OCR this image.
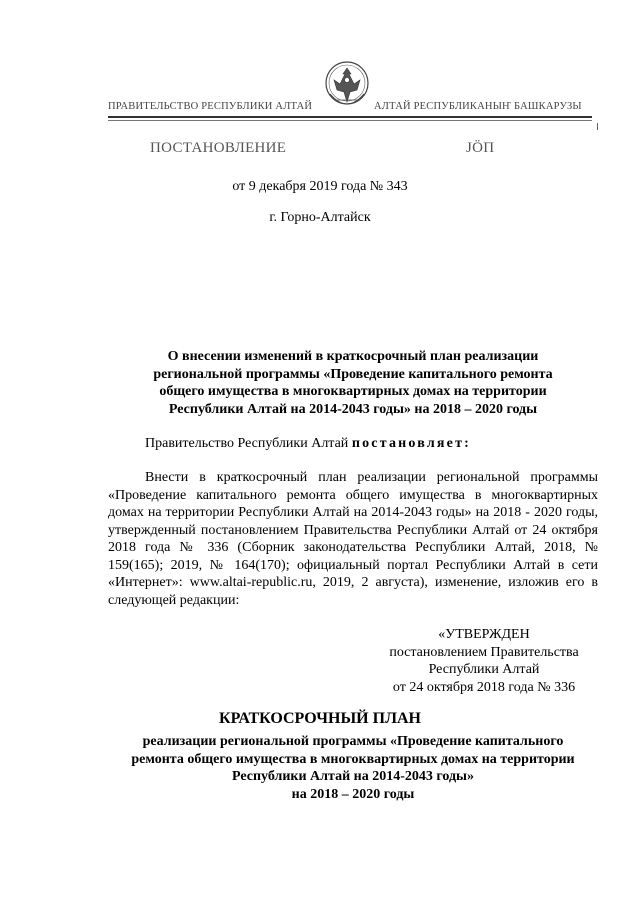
ПРАВИТЕЛЬСТВО РЕСПУБЛИКИ АЛТАЙ	АЛТАЙ РЕСПУБЛИКАНЫҤ БАШКАРУЗЫ
ПОСТАНОВЛЕНИЕ	JӦП
от 9 декабря 2019 года № 343
г. Горно-Алтайск
О внесении изменений в краткосрочный план реализации
региональной программы «Проведение капитального ремонта
общего имущества в многоквартирных домах на территории
Республики Алтай на 2014-2043 годы» на 2018 – 2020 годы
Правительство Республики Алтай постановляет:
Внести в краткосрочный план реализации региональной программы «Проведение капитального ремонта общего имущества в многоквартирных домах на территории Республики Алтай на 2014-2043 годы» на 2018 - 2020 годы, утвержденный постановлением Правительства Республики Алтай от 24 октября 2018 года № 336 (Сборник законодательства Республики Алтай, 2018, № 159(165); 2019, № 164(170); официальный портал Республики Алтай в сети «Интернет»: www.altai-republic.ru, 2019, 2 августа), изменение, изложив его в следующей редакции:
«УТВЕРЖДЕН
постановлением Правительства
Республики Алтай
от 24 октября 2018 года № 336
КРАТКОСРОЧНЫЙ ПЛАН
реализации региональной программы «Проведение капитального
ремонта общего имущества в многоквартирных домах на территории
Республики Алтай на 2014-2043 годы»
на 2018 – 2020 годы
